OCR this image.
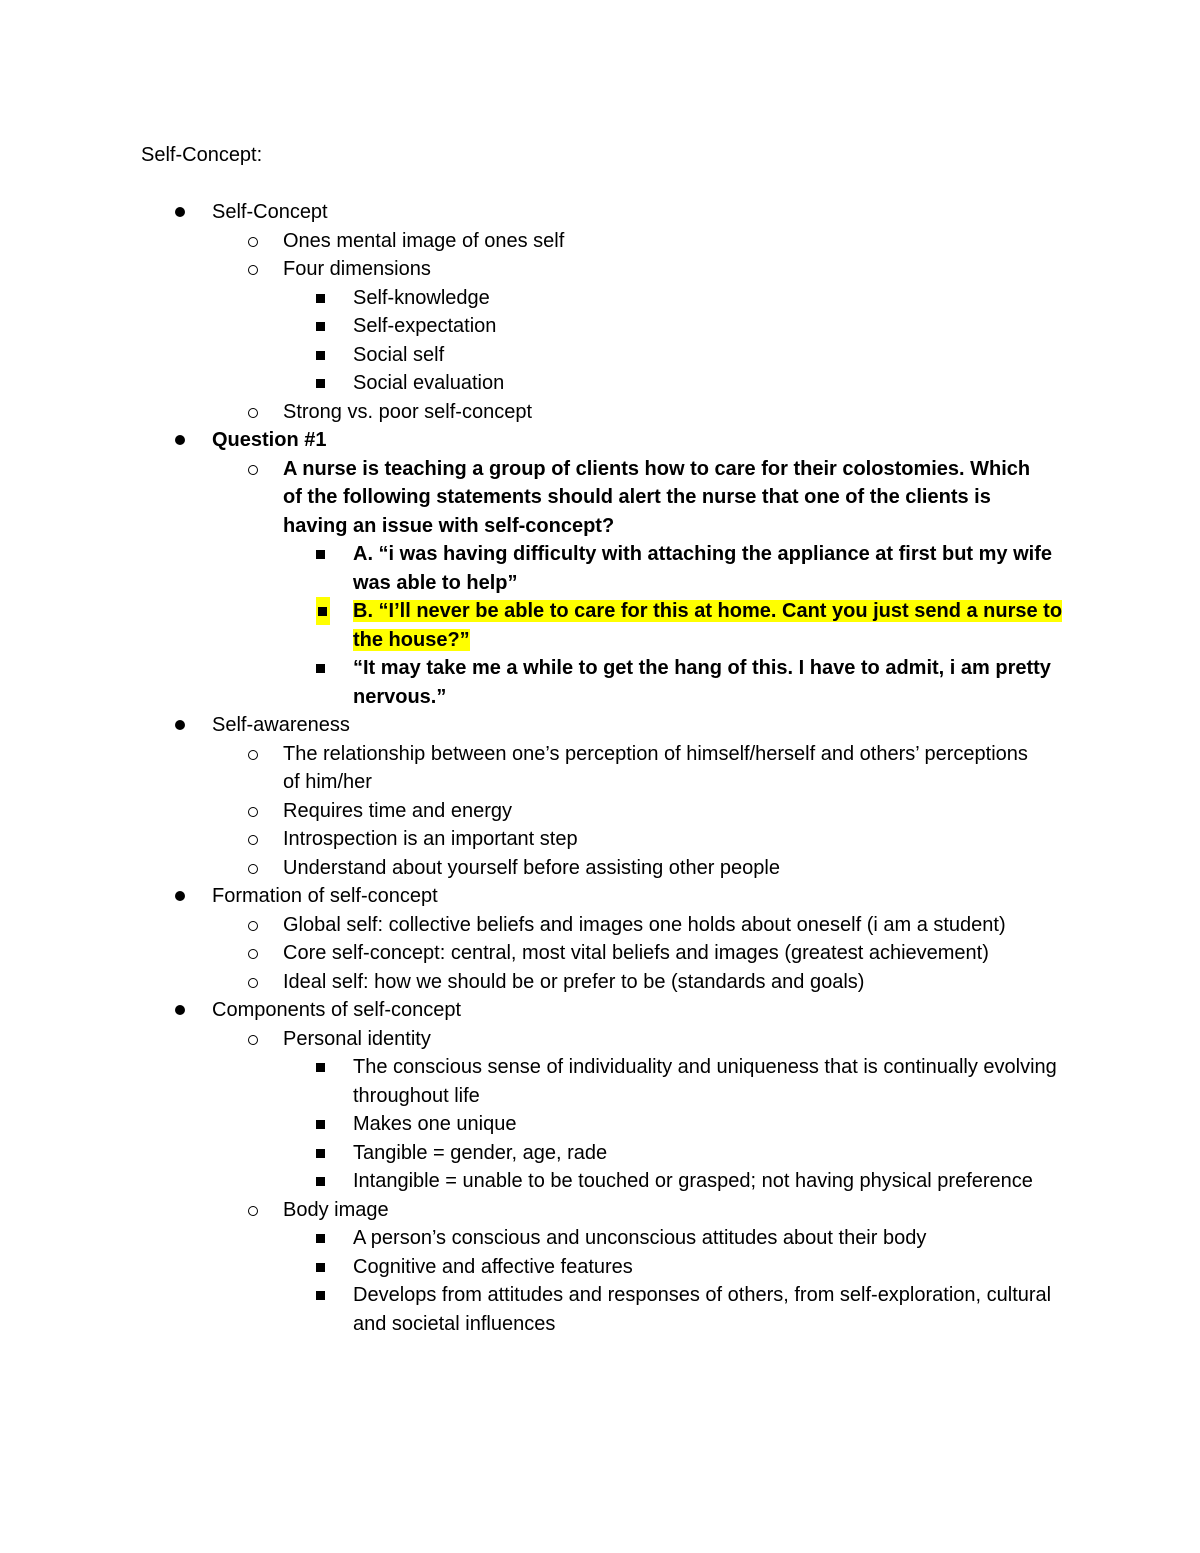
Self-Concept:
Self-Concept
Ones mental image of ones self
Four dimensions
Self-knowledge
Self-expectation
Social self
Social evaluation
Strong vs. poor self-concept
Question #1
A nurse is teaching a group of clients how to care for their colostomies. Which of the following statements should alert the nurse that one of the clients is having an issue with self-concept?
A. “i was having difficulty with attaching the appliance at first but my wife was able to help”
B. “I’ll never be able to care for this at home. Cant you just send a nurse to the house?”
“It may take me a while to get the hang of this. I have to admit, i am pretty nervous.”
Self-awareness
The relationship between one’s perception of himself/herself and others’ perceptions of him/her
Requires time and energy
Introspection is an important step
Understand about yourself before assisting other people
Formation of self-concept
Global self: collective beliefs and images one holds about oneself (i am a student)
Core self-concept: central, most vital beliefs and images (greatest achievement)
Ideal self: how we should be or prefer to be (standards and goals)
Components of self-concept
Personal identity
The conscious sense of individuality and uniqueness that is continually evolving throughout life
Makes one unique
Tangible = gender, age, rade
Intangible = unable to be touched or grasped; not having physical preference
Body image
A person’s conscious and unconscious attitudes about their body
Cognitive and affective features
Develops from attitudes and responses of others, from self-exploration, cultural and societal influences
